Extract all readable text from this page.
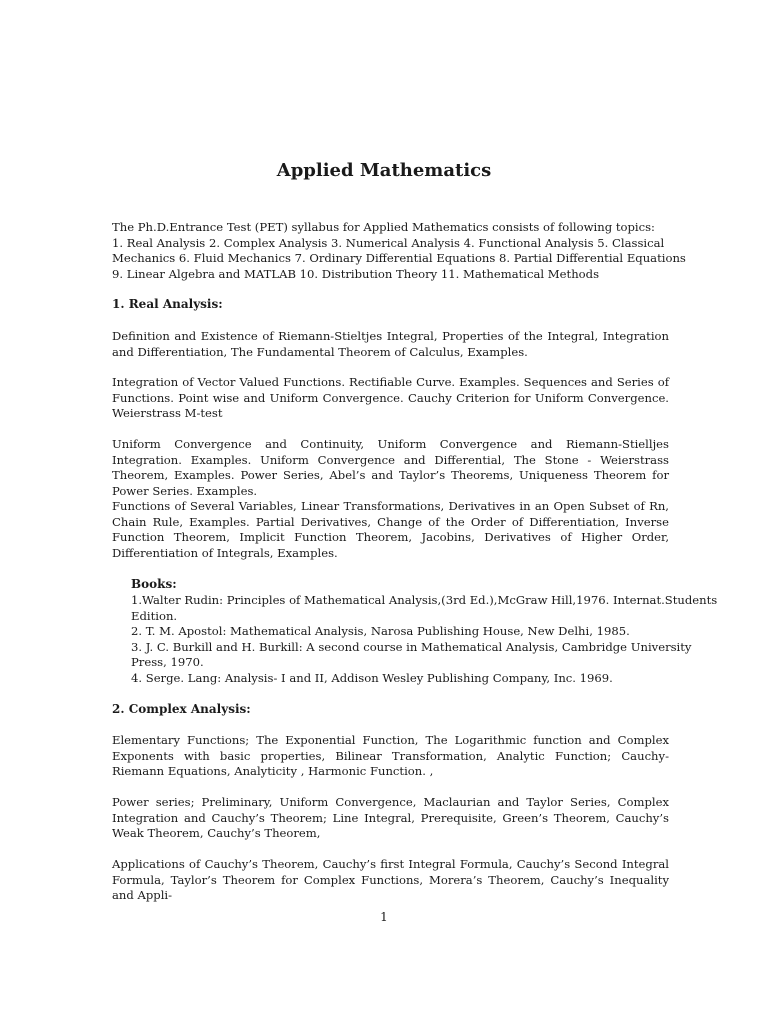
Applied Mathematics
The Ph.D.Entrance Test (PET) syllabus for Applied Mathematics consists of following topics:
1. Real Analysis 2. Complex Analysis 3. Numerical Analysis 4. Functional Analysis 5. Classical
Mechanics 6. Fluid Mechanics 7. Ordinary Differential Equations 8. Partial Differential Equations
9. Linear Algebra and MATLAB 10. Distribution Theory 11. Mathematical Methods
1. Real Analysis:

Definition and Existence of Riemann-Stieltjes Integral, Properties of the Integral, Integration and Differentiation, The Fundamental Theorem of Calculus, Examples.

Integration of Vector Valued Functions. Rectifiable Curve. Examples. Sequences and Series of Functions. Point wise and Uniform Convergence. Cauchy Criterion for Uniform Convergence. Weierstrass M-test

Uniform Convergence and Continuity, Uniform Convergence and Riemann-Stielljes Integration. Examples. Uniform Convergence and Differential, The Stone - Weierstrass Theorem, Examples. Power Series, Abel’s and Taylor’s Theorems, Uniqueness Theorem for Power Series. Examples.

Functions of Several Variables, Linear Transformations, Derivatives in an Open Subset of Rn, Chain Rule, Examples. Partial Derivatives, Change of the Order of Differentiation, Inverse Function Theorem, Implicit Function Theorem, Jacobins, Derivatives of Higher Order, Differentiation of Integrals, Examples.

Books:
1.Walter Rudin: Principles of Mathematical Analysis,(3rd Ed.),McGraw Hill,1976. Internat.Students
Edition.
2. T. M. Apostol: Mathematical Analysis, Narosa Publishing House, New Delhi, 1985.
3. J. C. Burkill and H. Burkill: A second course in Mathematical Analysis, Cambridge University
Press, 1970.
4. Serge. Lang: Analysis- I and II, Addison Wesley Publishing Company, Inc. 1969.
2. Complex Analysis:

Elementary Functions; The Exponential Function, The Logarithmic function and Complex Exponents with basic properties, Bilinear Transformation, Analytic Function; Cauchy-Riemann Equations, Analyticity , Harmonic Function. ,

Power series; Preliminary, Uniform Convergence, Maclaurian and Taylor Series, Complex Integration and Cauchy’s Theorem; Line Integral, Prerequisite, Green’s Theorem, Cauchy’s Weak Theorem, Cauchy’s Theorem,

Applications of Cauchy’s Theorem, Cauchy’s first Integral Formula, Cauchy’s Second Integral Formula, Taylor’s Theorem for Complex Functions, Morera’s Theorem, Cauchy’s Inequality and Appli-

1
